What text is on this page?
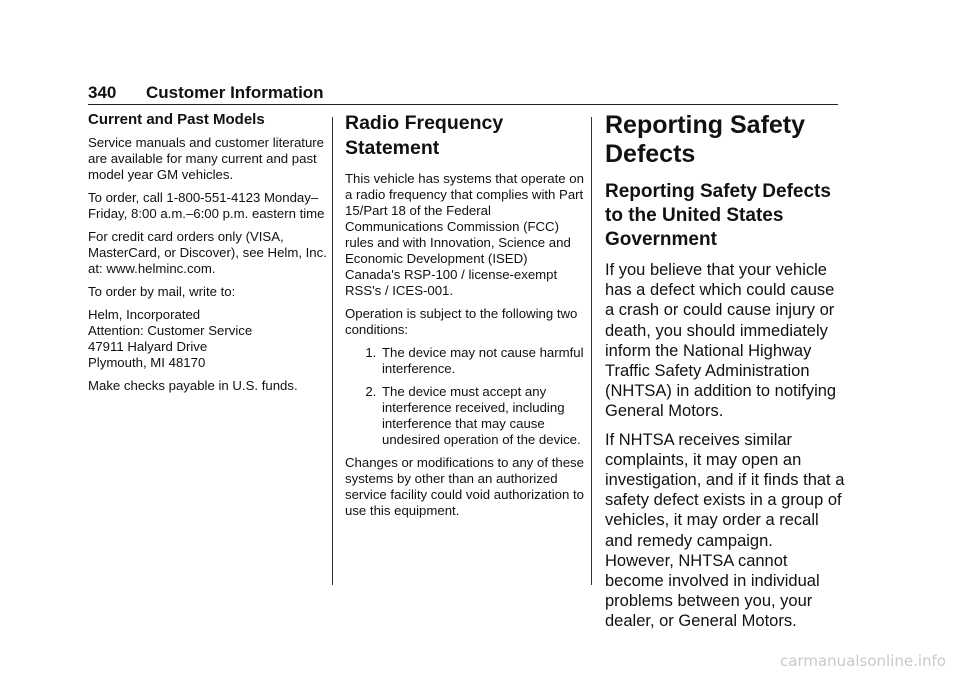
340 Customer Information
Current and Past Models

Service manuals and customer literature are available for many current and past model year GM vehicles.

To order, call 1-800-551-4123 Monday–Friday, 8:00 a.m.–6:00 p.m. eastern time

For credit card orders only (VISA, MasterCard, or Discover), see Helm, Inc. at: www.helminc.com.

To order by mail, write to:

Helm, Incorporated
Attention: Customer Service
47911 Halyard Drive
Plymouth, MI 48170

Make checks payable in U.S. funds.

Radio Frequency Statement

This vehicle has systems that operate on a radio frequency that complies with Part 15/Part 18 of the Federal Communications Commission (FCC) rules and with Innovation, Science and Economic Development (ISED) Canada's RSP-100 / license-exempt RSS's / ICES-001.

Operation is subject to the following two conditions:

1. The device may not cause harmful interference.
2. The device must accept any interference received, including interference that may cause undesired operation of the device.

Changes or modifications to any of these systems by other than an authorized service facility could void authorization to use this equipment.

Reporting Safety Defects
Reporting Safety Defects to the United States Government

If you believe that your vehicle has a defect which could cause a crash or could cause injury or death, you should immediately inform the National Highway Traffic Safety Administration (NHTSA) in addition to notifying General Motors.

If NHTSA receives similar complaints, it may open an investigation, and if it finds that a safety defect exists in a group of vehicles, it may order a recall and remedy campaign. However, NHTSA cannot become involved in individual problems between you, your dealer, or General Motors.

carmanualsonline.info
